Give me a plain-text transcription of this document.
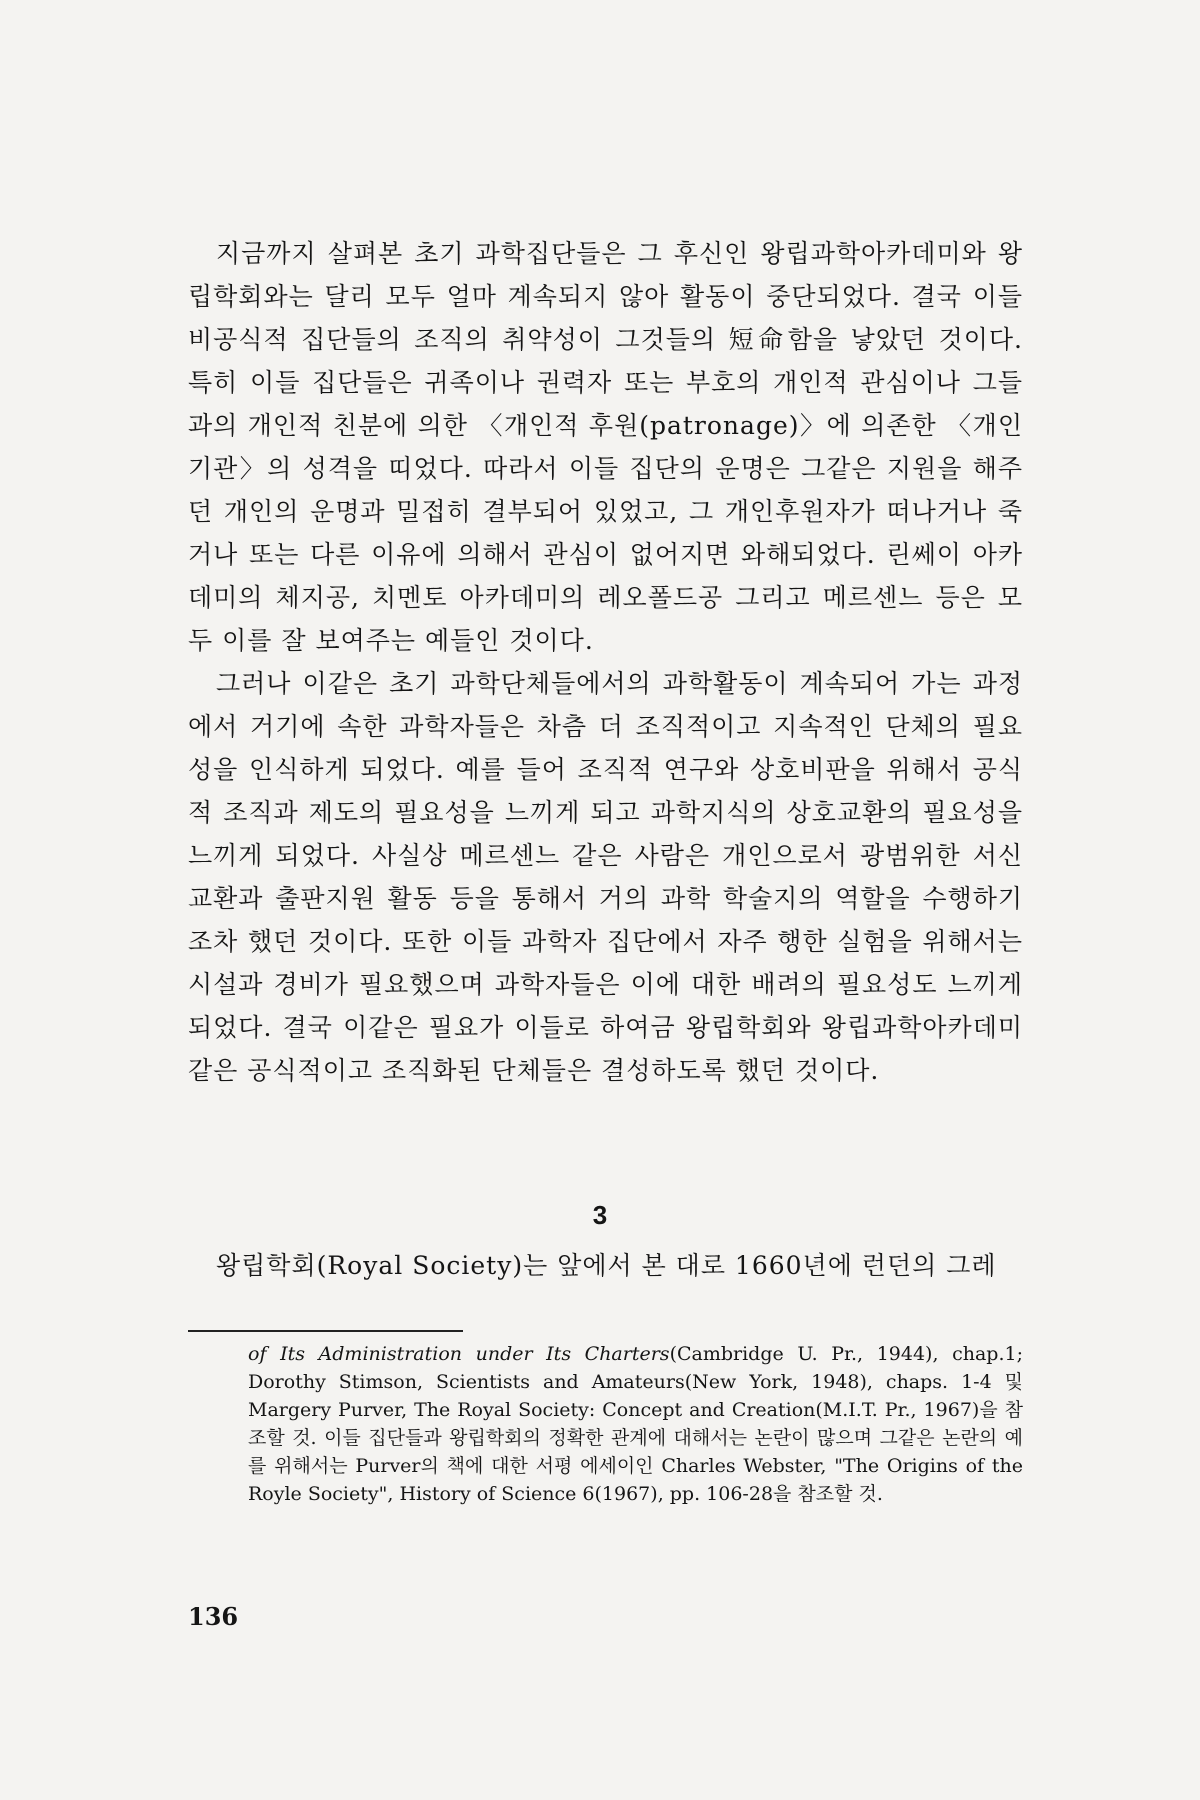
지금까지 살펴본 초기 과학집단들은 그 후신인 왕립과학아카데미와 왕립학회와는 달리 모두 얼마 계속되지 않아 활동이 중단되었다. 결국 이들 비공식적 집단들의 조직의 취약성이 그것들의 短命함을 낳았던 것이다. 특히 이들 집단들은 귀족이나 권력자 또는 부호의 개인적 관심이나 그들과의 개인적 친분에 의한 〈개인적 후원(patronage)〉에 의존한 〈개인기관〉의 성격을 띠었다. 따라서 이들 집단의 운명은 그같은 지원을 해주던 개인의 운명과 밀접히 결부되어 있었고, 그 개인후원자가 떠나거나 죽거나 또는 다른 이유에 의해서 관심이 없어지면 와해되었다. 린쎄이 아카데미의 체지공, 치멘토 아카데미의 레오폴드공 그리고 메르센느 등은 모두 이를 잘 보여주는 예들인 것이다.

그러나 이같은 초기 과학단체들에서의 과학활동이 계속되어 가는 과정에서 거기에 속한 과학자들은 차츰 더 조직적이고 지속적인 단체의 필요성을 인식하게 되었다. 예를 들어 조직적 연구와 상호비판을 위해서 공식적 조직과 제도의 필요성을 느끼게 되고 과학지식의 상호교환의 필요성을 느끼게 되었다. 사실상 메르센느 같은 사람은 개인으로서 광범위한 서신교환과 출판지원 활동 등을 통해서 거의 과학 학술지의 역할을 수행하기조차 했던 것이다. 또한 이들 과학자 집단에서 자주 행한 실험을 위해서는 시설과 경비가 필요했으며 과학자들은 이에 대한 배려의 필요성도 느끼게 되었다. 결국 이같은 필요가 이들로 하여금 왕립학회와 왕립과학아카데미 같은 공식적이고 조직화된 단체들은 결성하도록 했던 것이다.

3
왕립학회(Royal Society)는 앞에서 본 대로 1660년에 런던의 그레
of Its Administration under Its Charters(Cambridge U. Pr., 1944), chap.1; Dorothy Stimson, Scientists and Amateurs(New York, 1948), chaps. 1-4 및 Margery Purver, The Royal Society: Concept and Creation(M.I.T. Pr., 1967)을 참조할 것. 이들 집단들과 왕립학회의 정확한 관계에 대해서는 논란이 많으며 그같은 논란의 예를 위해서는 Purver의 책에 대한 서평 에세이인 Charles Webster, "The Origins of the Royle Society", History of Science 6(1967), pp. 106-28을 참조할 것.
136
